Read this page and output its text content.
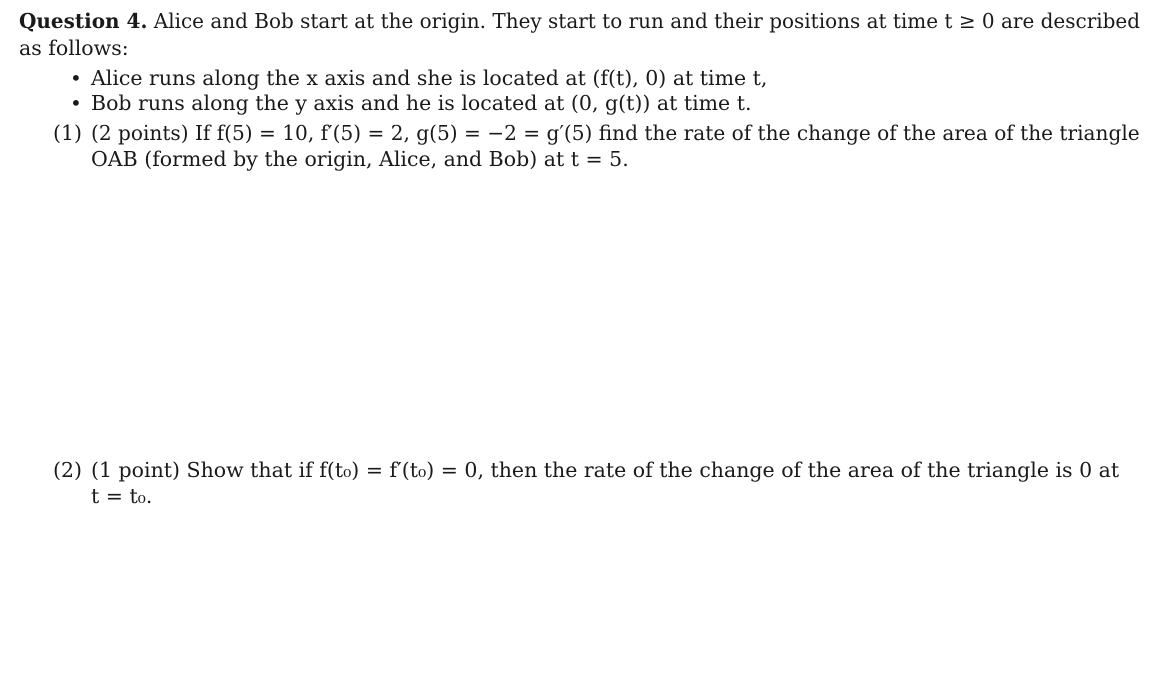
Question 4. Alice and Bob start at the origin. They start to run and their positions at time t ≥ 0 are described
as follows:
• Alice runs along the x axis and she is located at (f(t), 0) at time t,
• Bob runs along the y axis and he is located at (0, g(t)) at time t.
(1) (2 points) If f(5) = 10, f′(5) = 2, g(5) = −2 = g′(5) find the rate of the change of the area of the triangle
OAB (formed by the origin, Alice, and Bob) at t = 5.
(2) (1 point) Show that if f(t₀) = f′(t₀) = 0, then the rate of the change of the area of the triangle is 0 at
t = t₀.
